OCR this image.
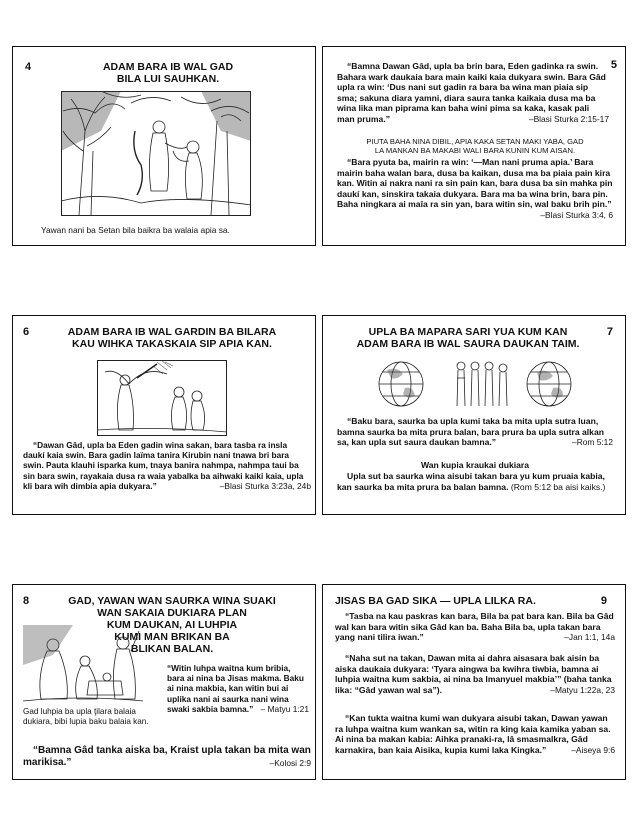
4	ADAM BARA IB WAL GAD
BILA LUI SAUHKAN.
Yawan nani ba Setan bila baikra ba walaia apia sa.
5
“Bamna Dawan Gâd, upla ba brin bara, Eden gadinka ra swin. Bahara wark daukaia bara main kaiki kaia dukyara swin. Bara Gâd upla ra win: ‘Dus nani sut gadin ra bara ba wina man piaia sip sma; sakuna diara yamni, diara saura tanka kaikaia dusa ma ba wina lika man piprama kan baha wini pima sa kaka, kasak pali man pruma.”	–Blasi Sturka 2:15-17
PIUTA BAHA NINA DIBIL, APIA KAKA SETAN MAKI YABA, GAD
LA MANKAN BA MAKABI WALI BARA KUNIN KUM AISAN.
“Bara pyuta ba, mairin ra win: ‘—Man nani pruma apia.’ Bara mairin baha walan bara, dusa ba kaikan, dusa ma ba piaia pain kira kan. Witin ai nakra nani ra sin pain kan, bara dusa ba sin mahka pin daukí kan, sinskira takaia dukyara. Bara ma ba wina brin, bara pin. Baha ningkara ai maîa ra sin yan, bara witin sin, wal baku brih pin.”
–Blasi Sturka 3:4, 6
6	ADAM BARA IB WAL GARDIN BA BILARA
KAU WIHKA TAKASKAIA SIP APIA KAN.
“Dawan Gâd, upla ba Eden gadin wina sakan, bara tasba ra insla daukí kaia swin. Bara gadin laïma tanira Kirubin nani tnawa bri bara swin. Pauta klauhi isparka kum, tnaya banira nahmpa, nahmpa taui ba sin bara swin, rayakaia dusa ra waia yabalka ba aihwaki kaiki kaia, upla kli bara wih dimbia apia dukyara.”	–Blasi Sturka 3:23a, 24b
UPLA BA MAPARA SARI YUA KUM KAN
ADAM BARA IB WAL SAURA DAUKAN TAIM.
7
“Baku bara, saurka ba upla kumi taka ba mita upla sutra luan, bamna saurka ba mita prura balan, bara prura ba upla sutra alkan sa, kan upla sut saura daukan bamna.”	–Rom 5:12
Wan kupia kraukai dukiara
Upla sut ba saurka wina aisubi takan bara yu kum pruaia kabia, kan saurka ba mita prura ba balan bamna. (Rom 5:12 ba aisi kaiks.)
8	GAD, YAWAN WAN SAURKA WINA SUAKI
WAN SAKAIA DUKIARA PLAN
KUM DAUKAN, AI LUHPIA
KUMI MAN BRIKAN BA
BLIKAN BALAN.
“Witin luhpa waitna kum bribia, bara ai nina ba Jisas makma. Baku ai nina makbia, kan witin bui ai uplika nani ai saurka nani wina swaki sakbia bamna.” – Matyu 1:21
Gad luhpia ba upla ţilara balaia dukiara, bibi lupia baku balaia kan.
“Bamna Gâd tanka aiska ba, Kraist upla takan ba mita wan marikisa.”	–Kolosi 2:9
JISAS BA GAD SIKA — UPLA LILKA RA.	9
“Tasba na kau paskras kan bara, Bila ba pat bara kan. Bila ba Gâd wal kan bara witin sika Gâd kan ba. Baha Bila ba, upla takan bara yang nani tilira iwan.”	–Jan 1:1, 14a
“Naha sut na takan, Dawan mita ai dahra aisasara bak aisin ba aiska daukaia dukyara: ‘Tyara aingwa ba kwihra tiwbia, bamna ai luhpia waitna kum sakbia, ai nina ba Imanyuel makbia’” (baha tanka lika: “Gâd yawan wal sa”).	–Matyu 1:22a, 23
“Kan tukta waitna kumi wan dukyara aisubi takan, Dawan yawan ra luhpa waitna kum wankan sa, witin ra king kaia kamika yaban sa. Ai nina ba makan kabia: Aihka pranaki-ra, lâ smasmalkra, Gâd karnakira, ban kaia Aisika, kupia kumi laka Kingka.”	–Aiseya 9:6
